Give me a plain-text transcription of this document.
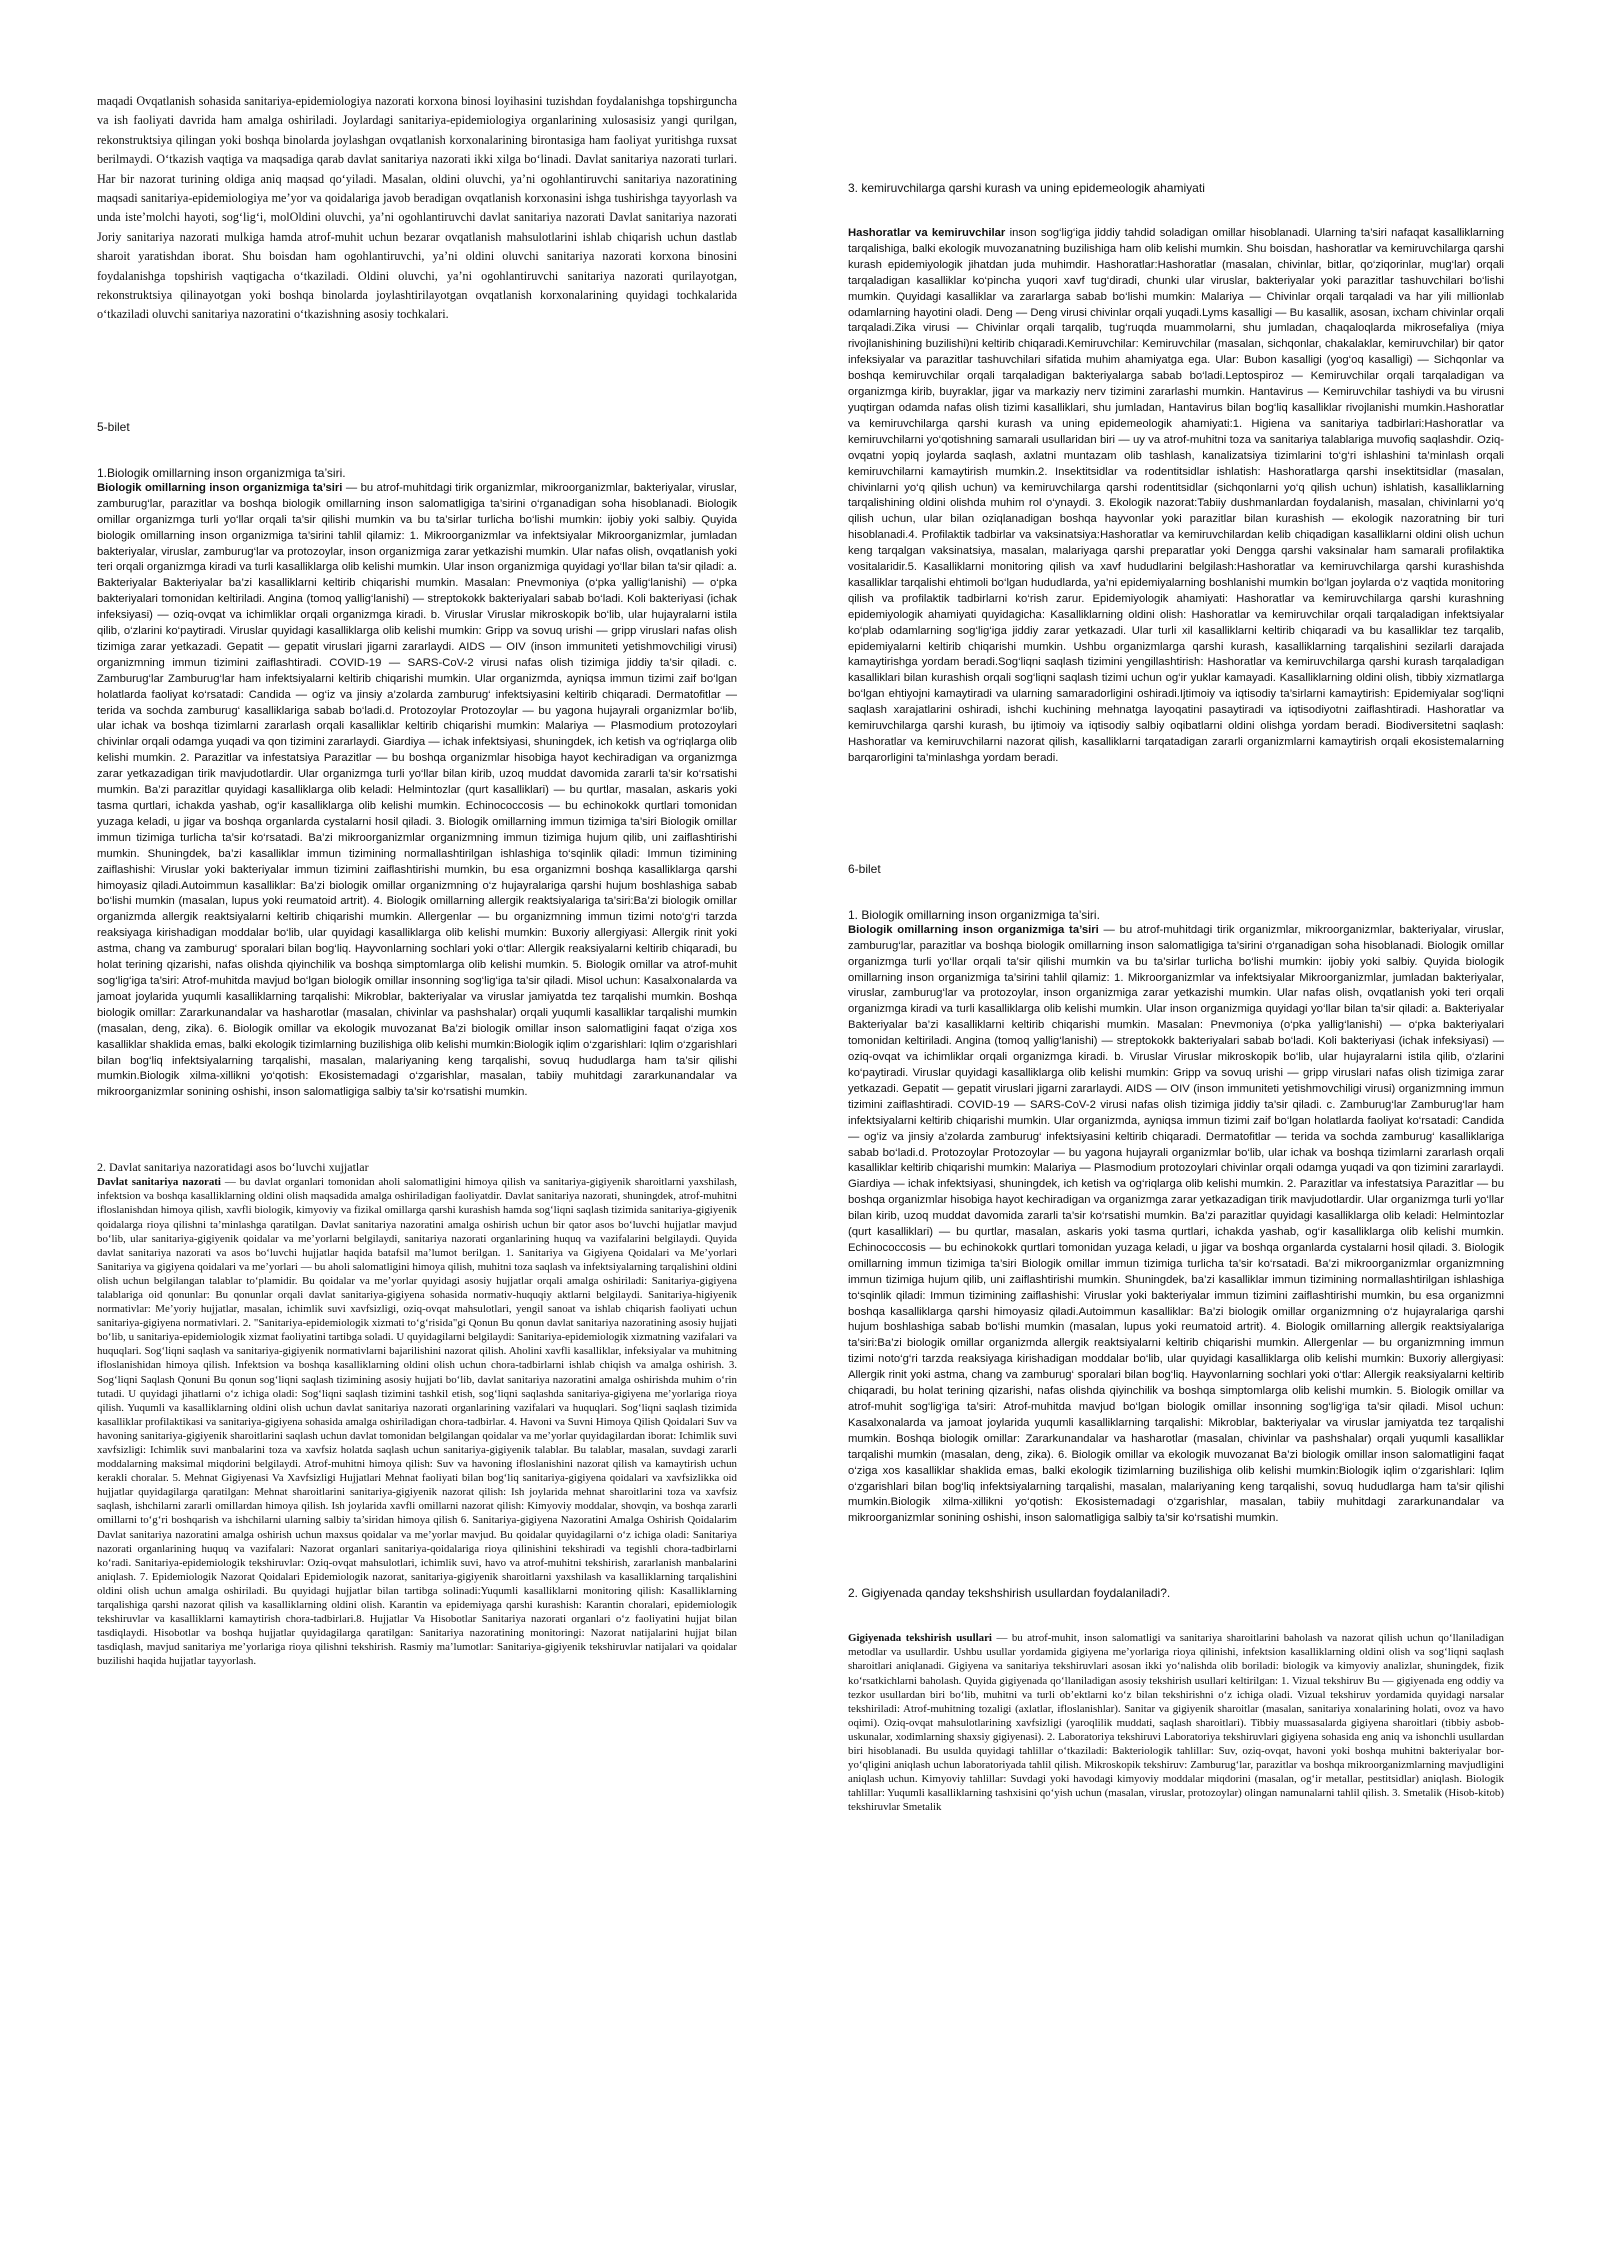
maqadi Ovqatlanish sohasida sanitariya-epidemiologiya nazorati korxona binosi loyihasini tuzishdan foydalanishga topshirguncha va ish faoliyati davrida ham amalga oshiriladi. Joylardagi sanitariya-epidemiologiya organlarining xulosasisiz yangi qurilgan, rekonstruktsiya qilingan yoki boshqa binolarda joylashgan ovqatlanish korxonalarining birontasiga ham faoliyat yuritishga ruxsat berilmaydi. O‘tkazish vaqtiga va maqsadiga qarab davlat sanitariya nazorati ikki xilga bo‘linadi. Davlat sanitariya nazorati turlari. Har bir nazorat turining oldiga aniq maqsad qo‘yiladi. Masalan, oldini oluvchi, ya’ni ogohlantiruvchi sanitariya nazoratining maqsadi sanitariya-epidemiologiya me’yor va qoidalariga javob beradigan ovqatlanish korxonasini ishga tushirishga tayyorlash va unda iste’molchi hayoti, sog‘lig‘i, molOldini oluvchi, ya’ni ogohlantiruvchi davlat sanitariya nazorati Davlat sanitariya nazorati Joriy sanitariya nazorati mulkiga hamda atrof-muhit uchun bezarar ovqatlanish mahsulotlarini ishlab chiqarish uchun dastlab sharoit yaratishdan iborat. Shu boisdan ham ogohlantiruvchi, ya’ni oldini oluvchi sanitariya nazorati korxona binosini foydalanishga topshirish vaqtigacha o‘tkaziladi. Oldini oluvchi, ya’ni ogohlantiruvchi sanitariya nazorati qurilayotgan, rekonstruktsiya qilinayotgan yoki boshqa binolarda joylashtirilayotgan ovqatlanish korxonalarining quyidagi tochkalarida o‘tkaziladi oluvchi sanitariya nazoratini o‘tkazishning asosiy tochkalari.

5-bilet

1.Biologik omillarning inson organizmiga ta’siri.

Biologik omillarning inson organizmiga ta’siri — bu atrof-muhitdagi tirik organizmlar, mikroorganizmlar, bakteriyalar, viruslar, zamburug‘lar, parazitlar va boshqa biologik omillarning inson salomatligiga ta’sirini o‘rganadigan soha hisoblanadi. Biologik omillar organizmga turli yo‘llar orqali ta’sir qilishi mumkin va bu ta’sirlar turlicha bo‘lishi mumkin: ijobiy yoki salbiy. Quyida biologik omillarning inson organizmiga ta’sirini tahlil qilamiz: 1. Mikroorganizmlar va infektsiyalar Mikroorganizmlar, jumladan bakteriyalar, viruslar, zamburug‘lar va protozoylar, inson organizmiga zarar yetkazishi mumkin. Ular nafas olish, ovqatlanish yoki teri orqali organizmga kiradi va turli kasalliklarga olib kelishi mumkin. Ular inson organizmiga quyidagi yo‘llar bilan ta’sir qiladi: a. Bakteriyalar Bakteriyalar ba’zi kasalliklarni keltirib chiqarishi mumkin. Masalan: Pnevmoniya (o‘pka yallig‘lanishi) — o‘pka bakteriyalari tomonidan keltiriladi. Angina (tomoq yallig‘lanishi) — streptokokk bakteriyalari sabab bo‘ladi. Koli bakteriyasi (ichak infeksiyasi) — oziq-ovqat va ichimliklar orqali organizmga kiradi. b. Viruslar Viruslar mikroskopik bo‘lib, ular hujayralarni istila qilib, o‘zlarini ko‘paytiradi. Viruslar quyidagi kasalliklarga olib kelishi mumkin: Gripp va sovuq urishi — gripp viruslari nafas olish tizimiga zarar yetkazadi. Gepatit — gepatit viruslari jigarni zararlaydi. AIDS — OIV (inson immuniteti yetishmovchiligi virusi) organizmning immun tizimini zaiflashtiradi. COVID-19 — SARS-CoV-2 virusi nafas olish tizimiga jiddiy ta’sir qiladi. c. Zamburug‘lar Zamburug‘lar ham infektsiyalarni keltirib chiqarishi mumkin. Ular organizmda, ayniqsa immun tizimi zaif bo‘lgan holatlarda faoliyat ko‘rsatadi: Candida — og‘iz va jinsiy a’zolarda zamburug‘ infektsiyasini keltirib chiqaradi. Dermatofitlar — terida va sochda zamburug‘ kasalliklariga sabab bo‘ladi.d. Protozoylar Protozoylar — bu yagona hujayrali organizmlar bo‘lib, ular ichak va boshqa tizimlarni zararlash orqali kasalliklar keltirib chiqarishi mumkin: Malariya — Plasmodium protozoylari chivinlar orqali odamga yuqadi va qon tizimini zararlaydi. Giardiya — ichak infektsiyasi, shuningdek, ich ketish va og‘riqlarga olib kelishi mumkin. 2. Parazitlar va infestatsiya Parazitlar — bu boshqa organizmlar hisobiga hayot kechiradigan va organizmga zarar yetkazadigan tirik mavjudotlardir. Ular organizmga turli yo‘llar bilan kirib, uzoq muddat davomida zararli ta’sir ko‘rsatishi mumkin. Ba’zi parazitlar quyidagi kasalliklarga olib keladi: Helmintozlar (qurt kasalliklari) — bu qurtlar, masalan, askaris yoki tasma qurtlari, ichakda yashab, og‘ir kasalliklarga olib kelishi mumkin. Echinococcosis — bu echinokokk qurtlari tomonidan yuzaga keladi, u jigar va boshqa organlarda cystalarni hosil qiladi. 3. Biologik omillarning immun tizimiga ta’siri Biologik omillar immun tizimiga turlicha ta’sir ko‘rsatadi. Ba’zi mikroorganizmlar organizmning immun tizimiga hujum qilib, uni zaiflashtirishi mumkin. Shuningdek, ba’zi kasalliklar immun tizimining normallashtirilgan ishlashiga to‘sqinlik qiladi: Immun tizimining zaiflashishi: Viruslar yoki bakteriyalar immun tizimini zaiflashtirishi mumkin, bu esa organizmni boshqa kasalliklarga qarshi himoyasiz qiladi.Autoimmun kasalliklar: Ba’zi biologik omillar organizmning o‘z hujayralariga qarshi hujum boshlashiga sabab bo‘lishi mumkin (masalan, lupus yoki reumatoid artrit). 4. Biologik omillarning allergik reaktsiyalariga ta’siri:Ba’zi biologik omillar organizmda allergik reaktsiyalarni keltirib chiqarishi mumkin. Allergenlar — bu organizmning immun tizimi noto‘g‘ri tarzda reaksiyaga kirishadigan moddalar bo‘lib, ular quyidagi kasalliklarga olib kelishi mumkin: Buxoriy allergiyasi: Allergik rinit yoki astma, chang va zamburug‘ sporalari bilan bog‘liq. Hayvonlarning sochlari yoki o‘tlar: Allergik reaksiyalarni keltirib chiqaradi, bu holat terining qizarishi, nafas olishda qiyinchilik va boshqa simptomlarga olib kelishi mumkin. 5. Biologik omillar va atrof-muhit sog‘lig‘iga ta’siri: Atrof-muhitda mavjud bo‘lgan biologik omillar insonning sog‘lig‘iga ta’sir qiladi. Misol uchun: Kasalxonalarda va jamoat joylarida yuqumli kasalliklarning tarqalishi: Mikroblar, bakteriyalar va viruslar jamiyatda tez tarqalishi mumkin. Boshqa biologik omillar: Zararkunandalar va hasharotlar (masalan, chivinlar va pashshalar) orqali yuqumli kasalliklar tarqalishi mumkin (masalan, deng, zika). 6. Biologik omillar va ekologik muvozanat Ba’zi biologik omillar inson salomatligini faqat o‘ziga xos kasalliklar shaklida emas, balki ekologik tizimlarning buzilishiga olib kelishi mumkin:Biologik iqlim o‘zgarishlari: Iqlim o‘zgarishlari bilan bog‘liq infektsiyalarning tarqalishi, masalan, malariyaning keng tarqalishi, sovuq hududlarga ham ta’sir qilishi mumkin.Biologik xilma-xillikni yo‘qotish: Ekosistemadagi o‘zgarishlar, masalan, tabiiy muhitdagi zararkunandalar va mikroorganizmlar sonining oshishi, inson salomatligiga salbiy ta’sir ko‘rsatishi mumkin.

2. Davlat sanitariya nazoratidagi asos bo‘luvchi xujjatlar

Davlat sanitariya nazorati — bu davlat organlari tomonidan aholi salomatligini himoya qilish va sanitariya-gigiyenik sharoitlarni yaxshilash, infektsion va boshqa kasalliklarning oldini olish maqsadida amalga oshiriladigan faoliyatdir. Davlat sanitariya nazorati, shuningdek, atrof-muhitni ifloslanishdan himoya qilish, xavfli biologik, kimyoviy va fizikal omillarga qarshi kurashish hamda sog‘liqni saqlash tizimida sanitariya-gigiyenik qoidalarga rioya qilishni ta’minlashga qaratilgan. Davlat sanitariya nazoratini amalga oshirish uchun bir qator asos bo‘luvchi hujjatlar mavjud bo‘lib, ular sanitariya-gigiyenik qoidalar va me’yorlarni belgilaydi, sanitariya nazorati organlarining huquq va vazifalarini belgilaydi. Quyida davlat sanitariya nazorati va asos bo‘luvchi hujjatlar haqida batafsil ma’lumot berilgan. 1. Sanitariya va Gigiyena Qoidalari va Me’yorlari Sanitariya va gigiyena qoidalari va me’yorlari — bu aholi salomatligini himoya qilish, muhitni toza saqlash va infektsiyalarning tarqalishini oldini olish uchun belgilangan talablar to‘plamidir. Bu qoidalar va me’yorlar quyidagi asosiy hujjatlar orqali amalga oshiriladi: Sanitariya-gigiyena talablariga oid qonunlar: Bu qonunlar orqali davlat sanitariya-gigiyena sohasida normativ-huquqiy aktlarni belgilaydi. Sanitariya-higiyenik normativlar: Me’yoriy hujjatlar, masalan, ichimlik suvi xavfsizligi, oziq-ovqat mahsulotlari, yengil sanoat va ishlab chiqarish faoliyati uchun sanitariya-gigiyena normativlari. 2. "Sanitariya-epidemiologik xizmati to‘g‘risida"gi Qonun Bu qonun davlat sanitariya nazoratining asosiy hujjati bo‘lib, u sanitariya-epidemiologik xizmat faoliyatini tartibga soladi. U quyidagilarni belgilaydi: Sanitariya-epidemiologik xizmatning vazifalari va huquqlari. Sog‘liqni saqlash va sanitariya-gigiyenik normativlarni bajarilishini nazorat qilish. Aholini xavfli kasalliklar, infeksiyalar va muhitning ifloslanishidan himoya qilish. Infektsion va boshqa kasalliklarning oldini olish uchun chora-tadbirlarni ishlab chiqish va amalga oshirish. 3. Sog‘liqni Saqlash Qonuni Bu qonun sog‘liqni saqlash tizimining asosiy hujjati bo‘lib, davlat sanitariya nazoratini amalga oshirishda muhim o‘rin tutadi. U quyidagi jihatlarni o‘z ichiga oladi: Sog‘liqni saqlash tizimini tashkil etish, sog‘liqni saqlashda sanitariya-gigiyena me’yorlariga rioya qilish. Yuqumli va kasalliklarning oldini olish uchun davlat sanitariya nazorati organlarining vazifalari va huquqlari. Sog‘liqni saqlash tizimida kasalliklar profilaktikasi va sanitariya-gigiyena sohasida amalga oshiriladigan chora-tadbirlar. 4. Havoni va Suvni Himoya Qilish Qoidalari Suv va havoning sanitariya-gigiyenik sharoitlarini saqlash uchun davlat tomonidan belgilangan qoidalar va me’yorlar quyidagilardan iborat: Ichimlik suvi xavfsizligi: Ichimlik suvi manbalarini toza va xavfsiz holatda saqlash uchun sanitariya-gigiyenik talablar. Bu talablar, masalan, suvdagi zararli moddalarning maksimal miqdorini belgilaydi. Atrof-muhitni himoya qilish: Suv va havoning ifloslanishini nazorat qilish va kamaytirish uchun kerakli choralar. 5. Mehnat Gigiyenasi Va Xavfsizligi Hujjatlari Mehnat faoliyati bilan bog‘liq sanitariya-gigiyena qoidalari va xavfsizlikka oid hujjatlar quyidagilarga qaratilgan: Mehnat sharoitlarini sanitariya-gigiyenik nazorat qilish: Ish joylarida mehnat sharoitlarini toza va xavfsiz saqlash, ishchilarni zararli omillardan himoya qilish. Ish joylarida xavfli omillarni nazorat qilish: Kimyoviy moddalar, shovqin, va boshqa zararli omillarni to‘g‘ri boshqarish va ishchilarni ularning salbiy ta’siridan himoya qilish 6. Sanitariya-gigiyena Nazoratini Amalga Oshirish Qoidalarim Davlat sanitariya nazoratini amalga oshirish uchun maxsus qoidalar va me’yorlar mavjud. Bu qoidalar quyidagilarni o‘z ichiga oladi: Sanitariya nazorati organlarining huquq va vazifalari: Nazorat organlari sanitariya-qoidalariga rioya qilinishini tekshiradi va tegishli chora-tadbirlarni ko‘radi. Sanitariya-epidemiologik tekshiruvlar: Oziq-ovqat mahsulotlari, ichimlik suvi, havo va atrof-muhitni tekshirish, zararlanish manbalarini aniqlash. 7. Epidemiologik Nazorat Qoidalari Epidemiologik nazorat, sanitariya-gigiyenik sharoitlarni yaxshilash va kasalliklarning tarqalishini oldini olish uchun amalga oshiriladi. Bu quyidagi hujjatlar bilan tartibga solinadi:Yuqumli kasalliklarni monitoring qilish: Kasalliklarning tarqalishiga qarshi nazorat qilish va kasalliklarning oldini olish. Karantin va epidemiyaga qarshi kurashish: Karantin choralari, epidemiologik tekshiruvlar va kasalliklarni kamaytirish chora-tadbirlari.8. Hujjatlar Va Hisobotlar Sanitariya nazorati organlari o‘z faoliyatini hujjat bilan tasdiqlaydi. Hisobotlar va boshqa hujjatlar quyidagilarga qaratilgan: Sanitariya nazoratining monitoringi: Nazorat natijalarini hujjat bilan tasdiqlash, mavjud sanitariya me’yorlariga rioya qilishni tekshirish. Rasmiy ma’lumotlar: Sanitariya-gigiyenik tekshiruvlar natijalari va qoidalar buzilishi haqida hujjatlar tayyorlash.

3. kemiruvchilarga qarshi kurash va uning epidemeologik ahamiyati

Hashoratlar va kemiruvchilar inson sog‘lig‘iga jiddiy tahdid soladigan omillar hisoblanadi. Ularning ta’siri nafaqat kasalliklarning tarqalishiga, balki ekologik muvozanatning buzilishiga ham olib kelishi mumkin. Shu boisdan, hashoratlar va kemiruvchilarga qarshi kurash epidemiyologik jihatdan juda muhimdir. Hashoratlar:Hashoratlar (masalan, chivinlar, bitlar, qo‘ziqorinlar, mug‘lar) orqali tarqaladigan kasalliklar ko‘pincha yuqori xavf tug‘diradi, chunki ular viruslar, bakteriyalar yoki parazitlar tashuvchilari bo‘lishi mumkin. Quyidagi kasalliklar va zararlarga sabab bo‘lishi mumkin: Malariya — Chivinlar orqali tarqaladi va har yili millionlab odamlarning hayotini oladi. Deng — Deng virusi chivinlar orqali yuqadi.Lyms kasalligi — Bu kasallik, asosan, ixcham chivinlar orqali tarqaladi.Zika virusi — Chivinlar orqali tarqalib, tug‘ruqda muammolarni, shu jumladan, chaqaloqlarda mikrosefaliya (miya rivojlanishining buzilishi)ni keltirib chiqaradi.Kemiruvchilar: Kemiruvchilar (masalan, sichqonlar, chakalaklar, kemiruvchilar) bir qator infeksiyalar va parazitlar tashuvchilari sifatida muhim ahamiyatga ega. Ular: Bubon kasalligi (yog‘oq kasalligi) — Sichqonlar va boshqa kemiruvchilar orqali tarqaladigan bakteriyalarga sabab bo‘ladi.Leptospiroz — Kemiruvchilar orqali tarqaladigan va organizmga kirib, buyraklar, jigar va markaziy nerv tizimini zararlashi mumkin. Hantavirus — Kemiruvchilar tashiydi va bu virusni yuqtirgan odamda nafas olish tizimi kasalliklari, shu jumladan, Hantavirus bilan bog‘liq kasalliklar rivojlanishi mumkin.Hashoratlar va kemiruvchilarga qarshi kurash va uning epidemeologik ahamiyati:1. Higiena va sanitariya tadbirlari:Hashoratlar va kemiruvchilarni yo‘qotishning samarali usullaridan biri — uy va atrof-muhitni toza va sanitariya talablariga muvofiq saqlashdir. Oziq-ovqatni yopiq joylarda saqlash, axlatni muntazam olib tashlash, kanalizatsiya tizimlarini to‘g‘ri ishlashini ta’minlash orqali kemiruvchilarni kamaytirish mumkin.2. Insektitsidlar va rodentitsidlar ishlatish: Hashoratlarga qarshi insektitsidlar (masalan, chivinlarni yo‘q qilish uchun) va kemiruvchilarga qarshi rodentitsidlar (sichqonlarni yo‘q qilish uchun) ishlatish, kasalliklarning tarqalishining oldini olishda muhim rol o‘ynaydi. 3. Ekologik nazorat:Tabiiy dushmanlardan foydalanish, masalan, chivinlarni yo‘q qilish uchun, ular bilan oziqlanadigan boshqa hayvonlar yoki parazitlar bilan kurashish — ekologik nazoratning bir turi hisoblanadi.4. Profilaktik tadbirlar va vaksinatsiya:Hashoratlar va kemiruvchilardan kelib chiqadigan kasalliklarni oldini olish uchun keng tarqalgan vaksinatsiya, masalan, malariyaga qarshi preparatlar yoki Dengga qarshi vaksinalar ham samarali profilaktika vositalaridir.5. Kasalliklarni monitoring qilish va xavf hududlarini belgilash:Hashoratlar va kemiruvchilarga qarshi kurashishda kasalliklar tarqalishi ehtimoli bo‘lgan hududlarda, ya’ni epidemiyalarning boshlanishi mumkin bo‘lgan joylarda o‘z vaqtida monitoring qilish va profilaktik tadbirlarni ko‘rish zarur. Epidemiyologik ahamiyati: Hashoratlar va kemiruvchilarga qarshi kurashning epidemiyologik ahamiyati quyidagicha: Kasalliklarning oldini olish: Hashoratlar va kemiruvchilar orqali tarqaladigan infektsiyalar ko‘plab odamlarning sog‘lig‘iga jiddiy zarar yetkazadi. Ular turli xil kasalliklarni keltirib chiqaradi va bu kasalliklar tez tarqalib, epidemiyalarni keltirib chiqarishi mumkin. Ushbu organizmlarga qarshi kurash, kasalliklarning tarqalishini sezilarli darajada kamaytirishga yordam beradi.Sog‘liqni saqlash tizimini yengillashtirish: Hashoratlar va kemiruvchilarga qarshi kurash tarqaladigan kasalliklari bilan kurashish orqali sog‘liqni saqlash tizimi uchun og‘ir yuklar kamayadi. Kasalliklarning oldini olish, tibbiy xizmatlarga bo‘lgan ehtiyojni kamaytiradi va ularning samaradorligini oshiradi.Ijtimoiy va iqtisodiy ta’sirlarni kamaytirish: Epidemiyalar sog‘liqni saqlash xarajatlarini oshiradi, ishchi kuchining mehnatga layoqatini pasaytiradi va iqtisodiyotni zaiflashtiradi. Hashoratlar va kemiruvchilarga qarshi kurash, bu ijtimoiy va iqtisodiy salbiy oqibatlarni oldini olishga yordam beradi. Biodiversitetni saqlash: Hashoratlar va kemiruvchilarni nazorat qilish, kasalliklarni tarqatadigan zararli organizmlarni kamaytirish orqali ekosistemalarning barqarorligini ta’minlashga yordam beradi.

6-bilet

1. Biologik omillarning inson organizmiga ta’siri.

Biologik omillarning inson organizmiga ta’siri — bu atrof-muhitdagi tirik organizmlar, mikroorganizmlar, bakteriyalar, viruslar, zamburug‘lar, parazitlar va boshqa biologik omillarning inson salomatligiga ta’sirini o‘rganadigan soha hisoblanadi. Biologik omillar organizmga turli yo‘llar orqali ta’sir qilishi mumkin va bu ta’sirlar turlicha bo‘lishi mumkin: ijobiy yoki salbiy. Quyida biologik omillarning inson organizmiga ta’sirini tahlil qilamiz: 1. Mikroorganizmlar va infektsiyalar Mikroorganizmlar, jumladan bakteriyalar, viruslar, zamburug‘lar va protozoylar, inson organizmiga zarar yetkazishi mumkin. Ular nafas olish, ovqatlanish yoki teri orqali organizmga kiradi va turli kasalliklarga olib kelishi mumkin. Ular inson organizmiga quyidagi yo‘llar bilan ta’sir qiladi: a. Bakteriyalar Bakteriyalar ba’zi kasalliklarni keltirib chiqarishi mumkin. Masalan: Pnevmoniya (o‘pka yallig‘lanishi) — o‘pka bakteriyalari tomonidan keltiriladi. Angina (tomoq yallig‘lanishi) — streptokokk bakteriyalari sabab bo‘ladi. Koli bakteriyasi (ichak infeksiyasi) — oziq-ovqat va ichimliklar orqali organizmga kiradi. b. Viruslar Viruslar mikroskopik bo‘lib, ular hujayralarni istila qilib, o‘zlarini ko‘paytiradi. Viruslar quyidagi kasalliklarga olib kelishi mumkin: Gripp va sovuq urishi — gripp viruslari nafas olish tizimiga zarar yetkazadi. Gepatit — gepatit viruslari jigarni zararlaydi. AIDS — OIV (inson immuniteti yetishmovchiligi virusi) organizmning immun tizimini zaiflashtiradi. COVID-19 — SARS-CoV-2 virusi nafas olish tizimiga jiddiy ta’sir qiladi. c. Zamburug‘lar Zamburug‘lar ham infektsiyalarni keltirib chiqarishi mumkin. Ular organizmda, ayniqsa immun tizimi zaif bo‘lgan holatlarda faoliyat ko‘rsatadi: Candida — og‘iz va jinsiy a’zolarda zamburug‘ infektsiyasini keltirib chiqaradi. Dermatofitlar — terida va sochda zamburug‘ kasalliklariga sabab bo‘ladi.d. Protozoylar Protozoylar — bu yagona hujayrali organizmlar bo‘lib, ular ichak va boshqa tizimlarni zararlash orqali kasalliklar keltirib chiqarishi mumkin: Malariya — Plasmodium protozoylari chivinlar orqali odamga yuqadi va qon tizimini zararlaydi. Giardiya — ichak infektsiyasi, shuningdek, ich ketish va og‘riqlarga olib kelishi mumkin. 2. Parazitlar va infestatsiya Parazitlar — bu boshqa organizmlar hisobiga hayot kechiradigan va organizmga zarar yetkazadigan tirik mavjudotlardir. Ular organizmga turli yo‘llar bilan kirib, uzoq muddat davomida zararli ta’sir ko‘rsatishi mumkin. Ba’zi parazitlar quyidagi kasalliklarga olib keladi: Helmintozlar (qurt kasalliklari) — bu qurtlar, masalan, askaris yoki tasma qurtlari, ichakda yashab, og‘ir kasalliklarga olib kelishi mumkin. Echinococcosis — bu echinokokk qurtlari tomonidan yuzaga keladi, u jigar va boshqa organlarda cystalarni hosil qiladi. 3. Biologik omillarning immun tizimiga ta’siri Biologik omillar immun tizimiga turlicha ta’sir ko‘rsatadi. Ba’zi mikroorganizmlar organizmning immun tizimiga hujum qilib, uni zaiflashtirishi mumkin. Shuningdek, ba’zi kasalliklar immun tizimining normallashtirilgan ishlashiga to‘sqinlik qiladi: Immun tizimining zaiflashishi: Viruslar yoki bakteriyalar immun tizimini zaiflashtirishi mumkin, bu esa organizmni boshqa kasalliklarga qarshi himoyasiz qiladi.Autoimmun kasalliklar: Ba’zi biologik omillar organizmning o‘z hujayralariga qarshi hujum boshlashiga sabab bo‘lishi mumkin (masalan, lupus yoki reumatoid artrit). 4. Biologik omillarning allergik reaktsiyalariga ta’siri:Ba’zi biologik omillar organizmda allergik reaktsiyalarni keltirib chiqarishi mumkin. Allergenlar — bu organizmning immun tizimi noto‘g‘ri tarzda reaksiyaga kirishadigan moddalar bo‘lib, ular quyidagi kasalliklarga olib kelishi mumkin: Buxoriy allergiyasi: Allergik rinit yoki astma, chang va zamburug‘ sporalari bilan bog‘liq. Hayvonlarning sochlari yoki o‘tlar: Allergik reaksiyalarni keltirib chiqaradi, bu holat terining qizarishi, nafas olishda qiyinchilik va boshqa simptomlarga olib kelishi mumkin. 5. Biologik omillar va atrof-muhit sog‘lig‘iga ta’siri: Atrof-muhitda mavjud bo‘lgan biologik omillar insonning sog‘lig‘iga ta’sir qiladi. Misol uchun: Kasalxonalarda va jamoat joylarida yuqumli kasalliklarning tarqalishi: Mikroblar, bakteriyalar va viruslar jamiyatda tez tarqalishi mumkin. Boshqa biologik omillar: Zararkunandalar va hasharotlar (masalan, chivinlar va pashshalar) orqali yuqumli kasalliklar tarqalishi mumkin (masalan, deng, zika). 6. Biologik omillar va ekologik muvozanat Ba’zi biologik omillar inson salomatligini faqat o‘ziga xos kasalliklar shaklida emas, balki ekologik tizimlarning buzilishiga olib kelishi mumkin:Biologik iqlim o‘zgarishlari: Iqlim o‘zgarishlari bilan bog‘liq infektsiyalarning tarqalishi, masalan, malariyaning keng tarqalishi, sovuq hududlarga ham ta’sir qilishi mumkin.Biologik xilma-xillikni yo‘qotish: Ekosistemadagi o‘zgarishlar, masalan, tabiiy muhitdagi zararkunandalar va mikroorganizmlar sonining oshishi, inson salomatligiga salbiy ta’sir ko‘rsatishi mumkin.

2. Gigiyenada qanday tekshshirish usullardan foydalaniladi?.

Gigiyenada tekshirish usullari — bu atrof-muhit, inson salomatligi va sanitariya sharoitlarini baholash va nazorat qilish uchun qo‘llaniladigan metodlar va usullardir. Ushbu usullar yordamida gigiyena me’yorlariga rioya qilinishi, infektsion kasalliklarning oldini olish va sog‘liqni saqlash sharoitlari aniqlanadi. Gigiyena va sanitariya tekshiruvlari asosan ikki yo‘nalishda olib boriladi: biologik va kimyoviy analizlar, shuningdek, fizik ko‘rsatkichlarni baholash. Quyida gigiyenada qo‘llaniladigan asosiy tekshirish usullari keltirilgan: 1. Vizual tekshiruv Bu — gigiyenada eng oddiy va tezkor usullardan biri bo‘lib, muhitni va turli ob’ektlarni ko‘z bilan tekshirishni o‘z ichiga oladi. Vizual tekshiruv yordamida quyidagi narsalar tekshiriladi: Atrof-muhitning tozaligi (axlatlar, ifloslanishlar). Sanitar va gigiyenik sharoitlar (masalan, sanitariya xonalarining holati, ovoz va havo oqimi). Oziq-ovqat mahsulotlarining xavfsizligi (yaroqlilik muddati, saqlash sharoitlari). Tibbiy muassasalarda gigiyena sharoitlari (tibbiy asbob-uskunalar, xodimlarning shaxsiy gigiyenasi). 2. Laboratoriya tekshiruvi Laboratoriya tekshiruvlari gigiyena sohasida eng aniq va ishonchli usullardan biri hisoblanadi. Bu usulda quyidagi tahlillar o‘tkaziladi: Bakteriologik tahlillar: Suv, oziq-ovqat, havoni yoki boshqa muhitni bakteriyalar bor-yo‘qligini aniqlash uchun laboratoriyada tahlil qilish. Mikroskopik tekshiruv: Zamburug‘lar, parazitlar va boshqa mikroorganizmlarning mavjudligini aniqlash uchun. Kimyoviy tahlillar: Suvdagi yoki havodagi kimyoviy moddalar miqdorini (masalan, og‘ir metallar, pestitsidlar) aniqlash. Biologik tahlillar: Yuqumli kasalliklarning tashxisini qo‘yish uchun (masalan, viruslar, protozoylar) olingan namunalarni tahlil qilish. 3. Smetalik (Hisob-kitob) tekshiruvlar Smetalik
